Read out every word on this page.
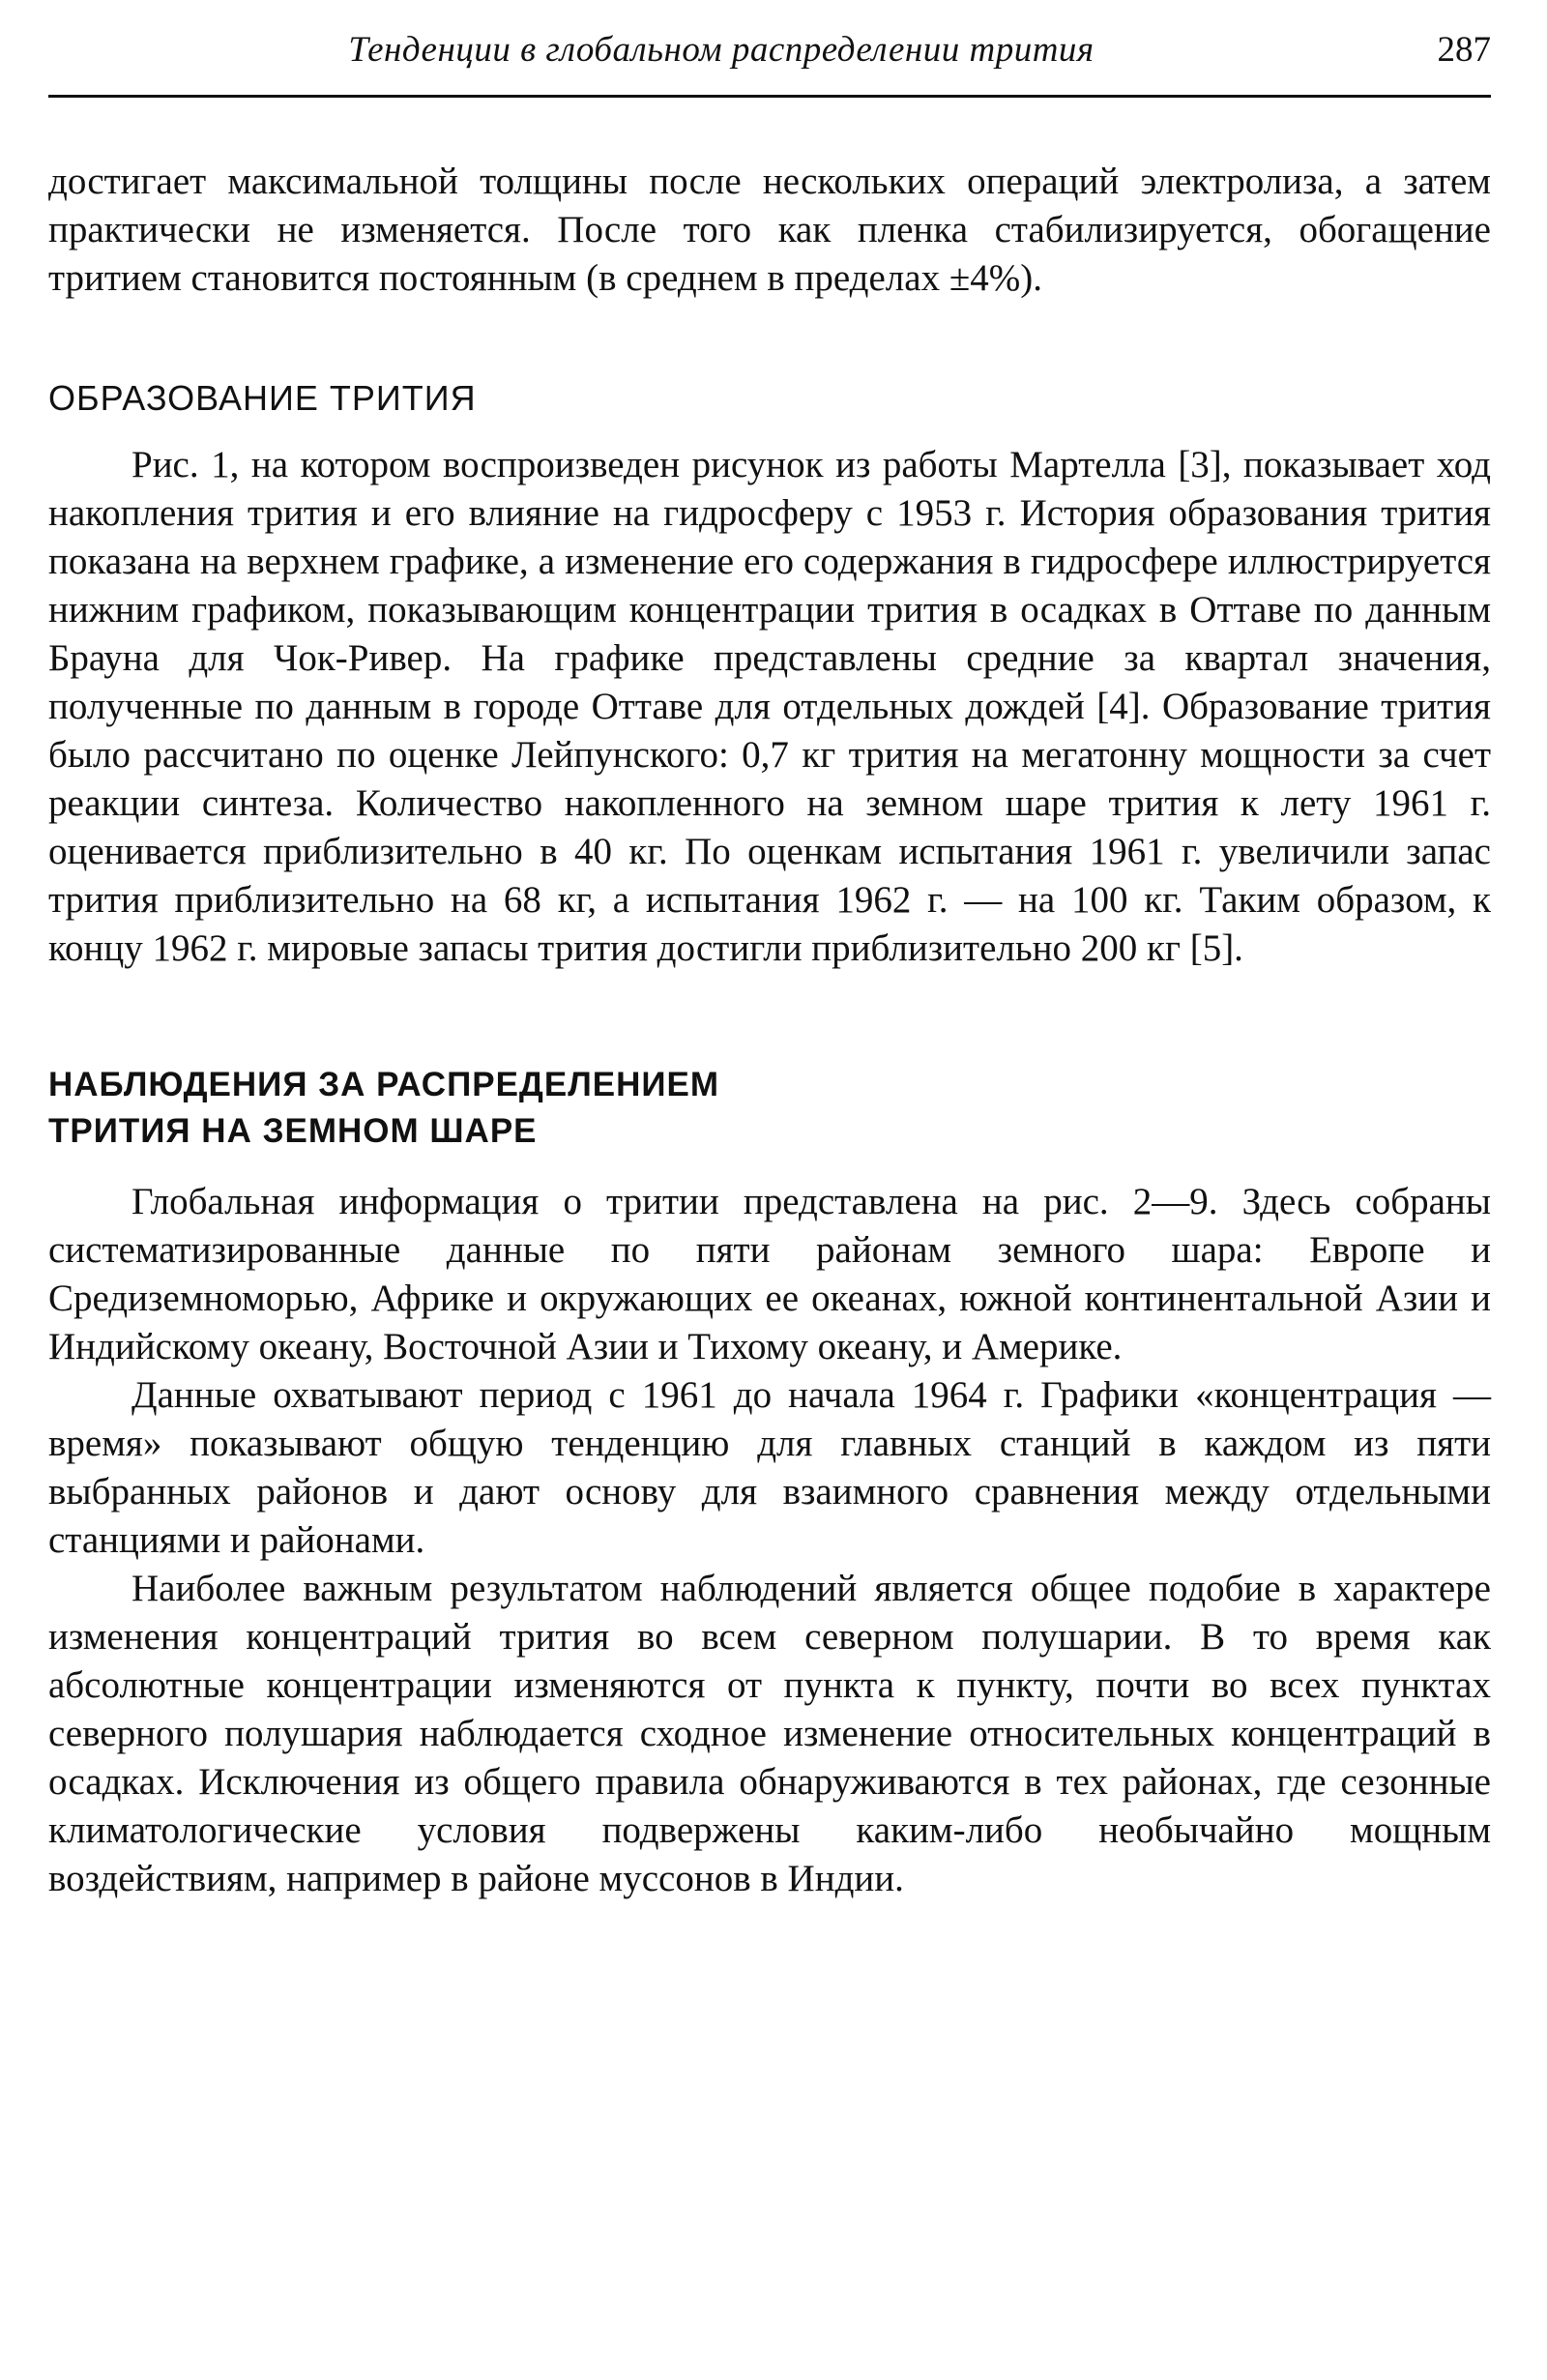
Тенденции в глобальном распределении трития	287

достигает максимальной толщины после нескольких операций электролиза, а затем практически не изменяется. После того как пленка стабилизируется, обогащение тритием становится постоянным (в среднем в пределах ±4%).

ОБРАЗОВАНИЕ ТРИТИЯ

Рис. 1, на котором воспроизведен рисунок из работы Мартелла [3], показывает ход накопления трития и его влияние на гидросферу с 1953 г. История образования трития показана на верхнем графике, а изменение его содержания в гидросфере иллюстрируется нижним графиком, показывающим концентрации трития в осадках в Оттаве по данным Брауна для Чок-Ривер. На графике представлены средние за квартал значения, полученные по данным в городе Оттаве для отдельных дождей [4]. Образование трития было рассчитано по оценке Лейпунского: 0,7 кг трития на мегатонну мощности за счет реакции синтеза. Количество накопленного на земном шаре трития к лету 1961 г. оценивается приблизительно в 40 кг. По оценкам испытания 1961 г. увеличили запас трития приблизительно на 68 кг, а испытания 1962 г. — на 100 кг. Таким образом, к концу 1962 г. мировые запасы трития достигли приблизительно 200 кг [5].

НАБЛЮДЕНИЯ ЗА РАСПРЕДЕЛЕНИЕМ
ТРИТИЯ НА ЗЕМНОМ ШАРЕ

Глобальная информация о тритии представлена на рис. 2—9. Здесь собраны систематизированные данные по пяти районам земного шара: Европе и Средиземноморью, Африке и окружающих ее океанах, южной континентальной Азии и Индийскому океану, Восточной Азии и Тихому океану, и Америке.

Данные охватывают период с 1961 до начала 1964 г. Графики «концентрация — время» показывают общую тенденцию для главных станций в каждом из пяти выбранных районов и дают основу для взаимного сравнения между отдельными станциями и районами.

Наиболее важным результатом наблюдений является общее подобие в характере изменения концентраций трития во всем северном полушарии. В то время как абсолютные концентрации изменяются от пункта к пункту, почти во всех пунктах северного полушария наблюдается сходное изменение относительных концентраций в осадках. Исключения из общего правила обнаруживаются в тех районах, где сезонные климатологические условия подвержены каким-либо необычайно мощным воздействиям, например в районе муссонов в Индии.
